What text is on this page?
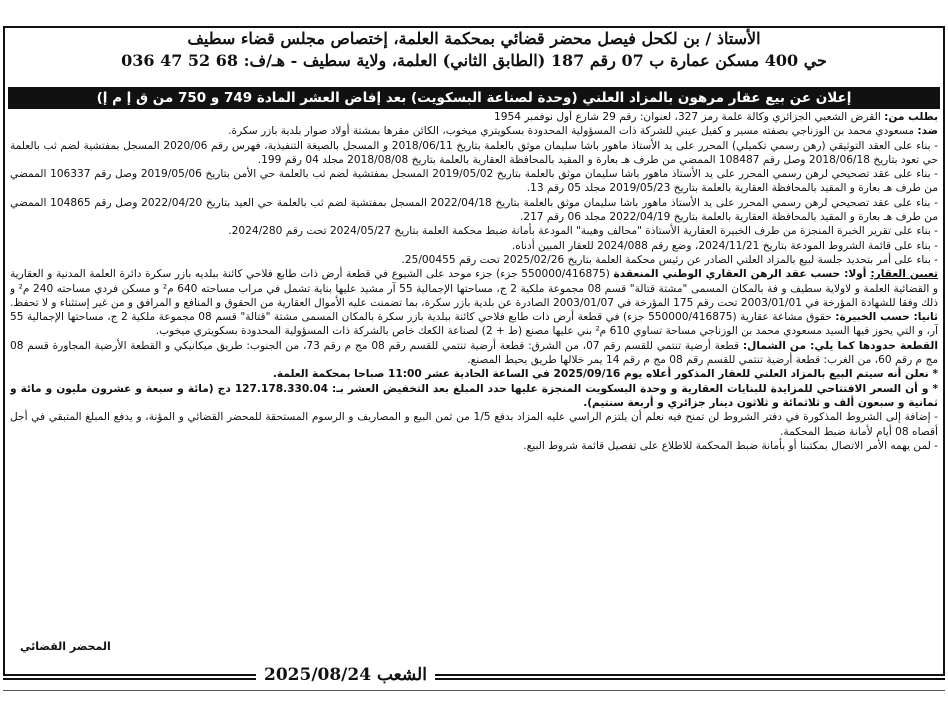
الأستاذ / بن لكحل فيصل محضر قضائي بمحكمة العلمة، إختصاص مجلس قضاء سطيف
حي 400 مسكن عمارة ب 07 رقم 187 (الطابق الثاني) العلمة، ولاية سطيف - هـ/ف: 68 52 47 036
إعلان عن بيع عقار مرهون بالمزاد العلني (وحدة لصناعة البسكويت) بعد إفاض العشر المادة 749 و 750 من ق إ م إ)

بطلب من: القرض الشعبي الجزائري وكالة علمة رمز 327، لعنوان: رقم 29 شارع أول نوفمبر 1954

ضد: مسعودي محمد بن الوزناجي بصفته مسير و كفيل عيني للشركة ذات المسؤولية المحدودة بسكويتري ميخوب، الكائن مقرها بمشتة أولاد صوار بلدية بازر سكرة.

- بناء على العقد التوثيقي (رهن رسمي تكميلي) المحرر على يد الأستاذ ماهور باشا سليمان موثق بالعلمة بتاريخ 2018/06/11 و المسجل بالصيغة التنفيذية، فهرس رقم 2020/06 المسجل بمفتشية لضم ثب بالعلمة حي تعود بتاريخ 2018/06/18 وصل رقم 108487 الممضي من طرف هـ بعارة و المقيد بالمحافظة العقارية بالعلمة بتاريخ 2018/08/08 مجلد 04 رقم 199.

- بناء على عقد تصحيحي لرهن رسمي المحرر على يد الأستاذ ماهور باشا سليمان موثق بالعلمة بتاريخ 2019/05/02 المسجل بمفتشية لضم ثب بالعلمة حي الأمن بتاريخ 2019/05/06 وصل رقم 106337 الممضي من طرف هـ بعارة و المقيد بالمحافظة العقارية بالعلمة بتاريخ 2019/05/23 مجلد 05 رقم 13.

- بناء على عقد تصحيحي لرهن رسمي المحرر على يد الأستاذ ماهور باشا سليمان موثق بالعلمة بتاريخ 2022/04/18 المسجل بمفتشية لضم ثب بالعلمة حي العيد بتاريخ 2022/04/20 وصل رقم 104865 الممضي من طرف هـ بعارة و المقيد بالمحافظة العقارية بالعلمة بتاريخ 2022/04/19 مجلد 06 رقم 217.

- بناء على تقرير الخبرة المنجزة من طرف الخبيرة العقارية الأستاذة "محالف وهيبة" المودعة بأمانة ضبط محكمة العلمة بتاريخ 2024/05/27 تحت رقم 2024/280.

- بناء على قائمة الشروط المودعة بتاريخ 2024/11/21، وضع رقم 2024/088 للعقار المبين أدناه.

- بناء على أمر بتحديد جلسة لبيع بالمزاد العلني الصادر عن رئيس محكمة العلمة بتاريخ 2025/02/26 تحت رقم 25/00455.

تعيين العقار: أولا: حسب عقد الرهن العقاري الوطني المنعقدة (550000/416875 جزء) جزء موحد على الشيوع في قطعة أرض ذات طابع فلاحي كائنة ببلديه بازر سكرة دائرة العلمة المدنية و العقارية و القضائية العلمة و لاولاية سطيف و فة بالمكان المسمى "مشتة قتالة" قسم 08 مجموعة ملكية 2 ج، مساحتها الإجمالية 55 آر مشيد عليها بناية تشمل في مراب مساحته 640 م² و مسكن فردي مساحته 240 م² و ذلك وفقا للشهادة المؤرخة في 2003/01/01 تحت رقم 175 المؤرخة في 2003/01/07 الصادرة عن بلدية بازر سكرة، بما تضمنت عليه الأموال العقارية من الحقوق و المنافع و المرافق و من غير إستثناء و لا تحفظ.

ثانيا: حسب الخبيرة: حقوق مشاعة عقارية (550000/416875 جزء) في قطعة أرض ذات طابع فلاحي كائنة ببلدية بازر سكرة بالمكان المسمى مشتة "قتالة" قسم 08 مجموعة ملكية 2 ج، مساحتها الإجمالية 55 آر، و التي يحوز فيها السيد مسعودي محمد بن الوزناجي مساحة تساوي 610 م² بني عليها مصنع (ط + 2) لصناعة الكعك خاص بالشركة ذات المسؤولية المحدودة بسكويتري ميخوب.

القطعة حدودها كما يلي: من الشمال: قطعة أرضية تنتمي للقسم رقم 07، من الشرق: قطعة أرضية تنتمي للقسم رقم 08 مج م رقم 73، من الجنوب: طريق ميكانيكي و القطعة الأرضية المجاورة قسم 08 مج م رقم 60، من الغرب: قطعة أرضية تنتمي للقسم رقم 08 مج م رقم 14 يمر خلالها طريق يحيط المصنع.

* نعلن أنه سيتم البيع بالمزاد العلني للعقار المذكور أعلاه يوم 2025/09/16 في الساعة الحادية عشر 11:00 صباحا بمحكمة العلمة.

* و أن السعر الافتتاحي للمزايدة للبنايات العقارية و وحدة البسكويت المنجزة عليها حدد المبلغ بعد التخفيض العشر بـ: 127.178.330.04 دج (مائة و سبعة و عشرون مليون و مائة و ثمانية و سبعون ألف و ثلاثمائة و ثلاثون دينار جزائري و أربعة سنتيم).

- إضافة إلى الشروط المذكورة في دفتر الشروط لن تمنح فيه نعلم أن يلتزم الراسي عليه المزاد بدفع 1/5 من ثمن البيع و المصاريف و الرسوم المستحقة للمحضر القضائي و المؤنة، و يدفع المبلغ المتبقي في أجل أقصاه 08 أيام لأمانة ضبط المحكمة.

- لمن يهمه الأمر الاتصال بمكتبنا أو بأمانة ضبط المحكمة للاطلاع على تفصيل قائمة شروط البيع.

المحضر القضائي
الشعب 2025/08/24
